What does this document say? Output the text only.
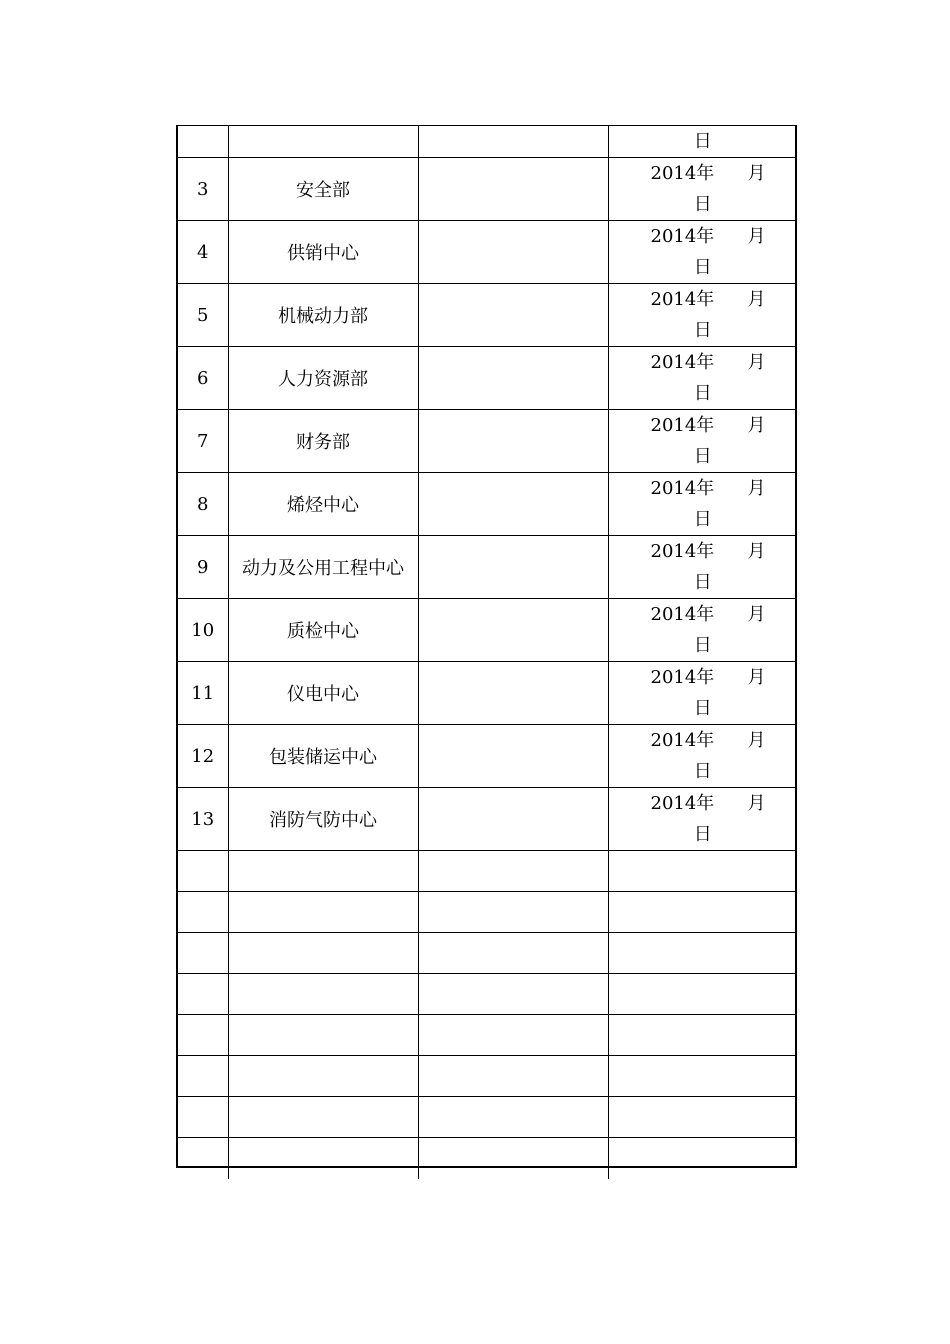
			日

3	安全部		2014年 月
日

4	供销中心		2014年 月
日

5	机械动力部		2014年 月
日

6	人力资源部		2014年 月
日

7	财务部		2014年 月
日

8	烯烃中心		2014年 月
日

9	动力及公用工程中心		2014年 月
日

10	质检中心		2014年 月
日

11	仪电中心		2014年 月
日

12	包装储运中心		2014年 月
日

13	消防气防中心		2014年 月
日
